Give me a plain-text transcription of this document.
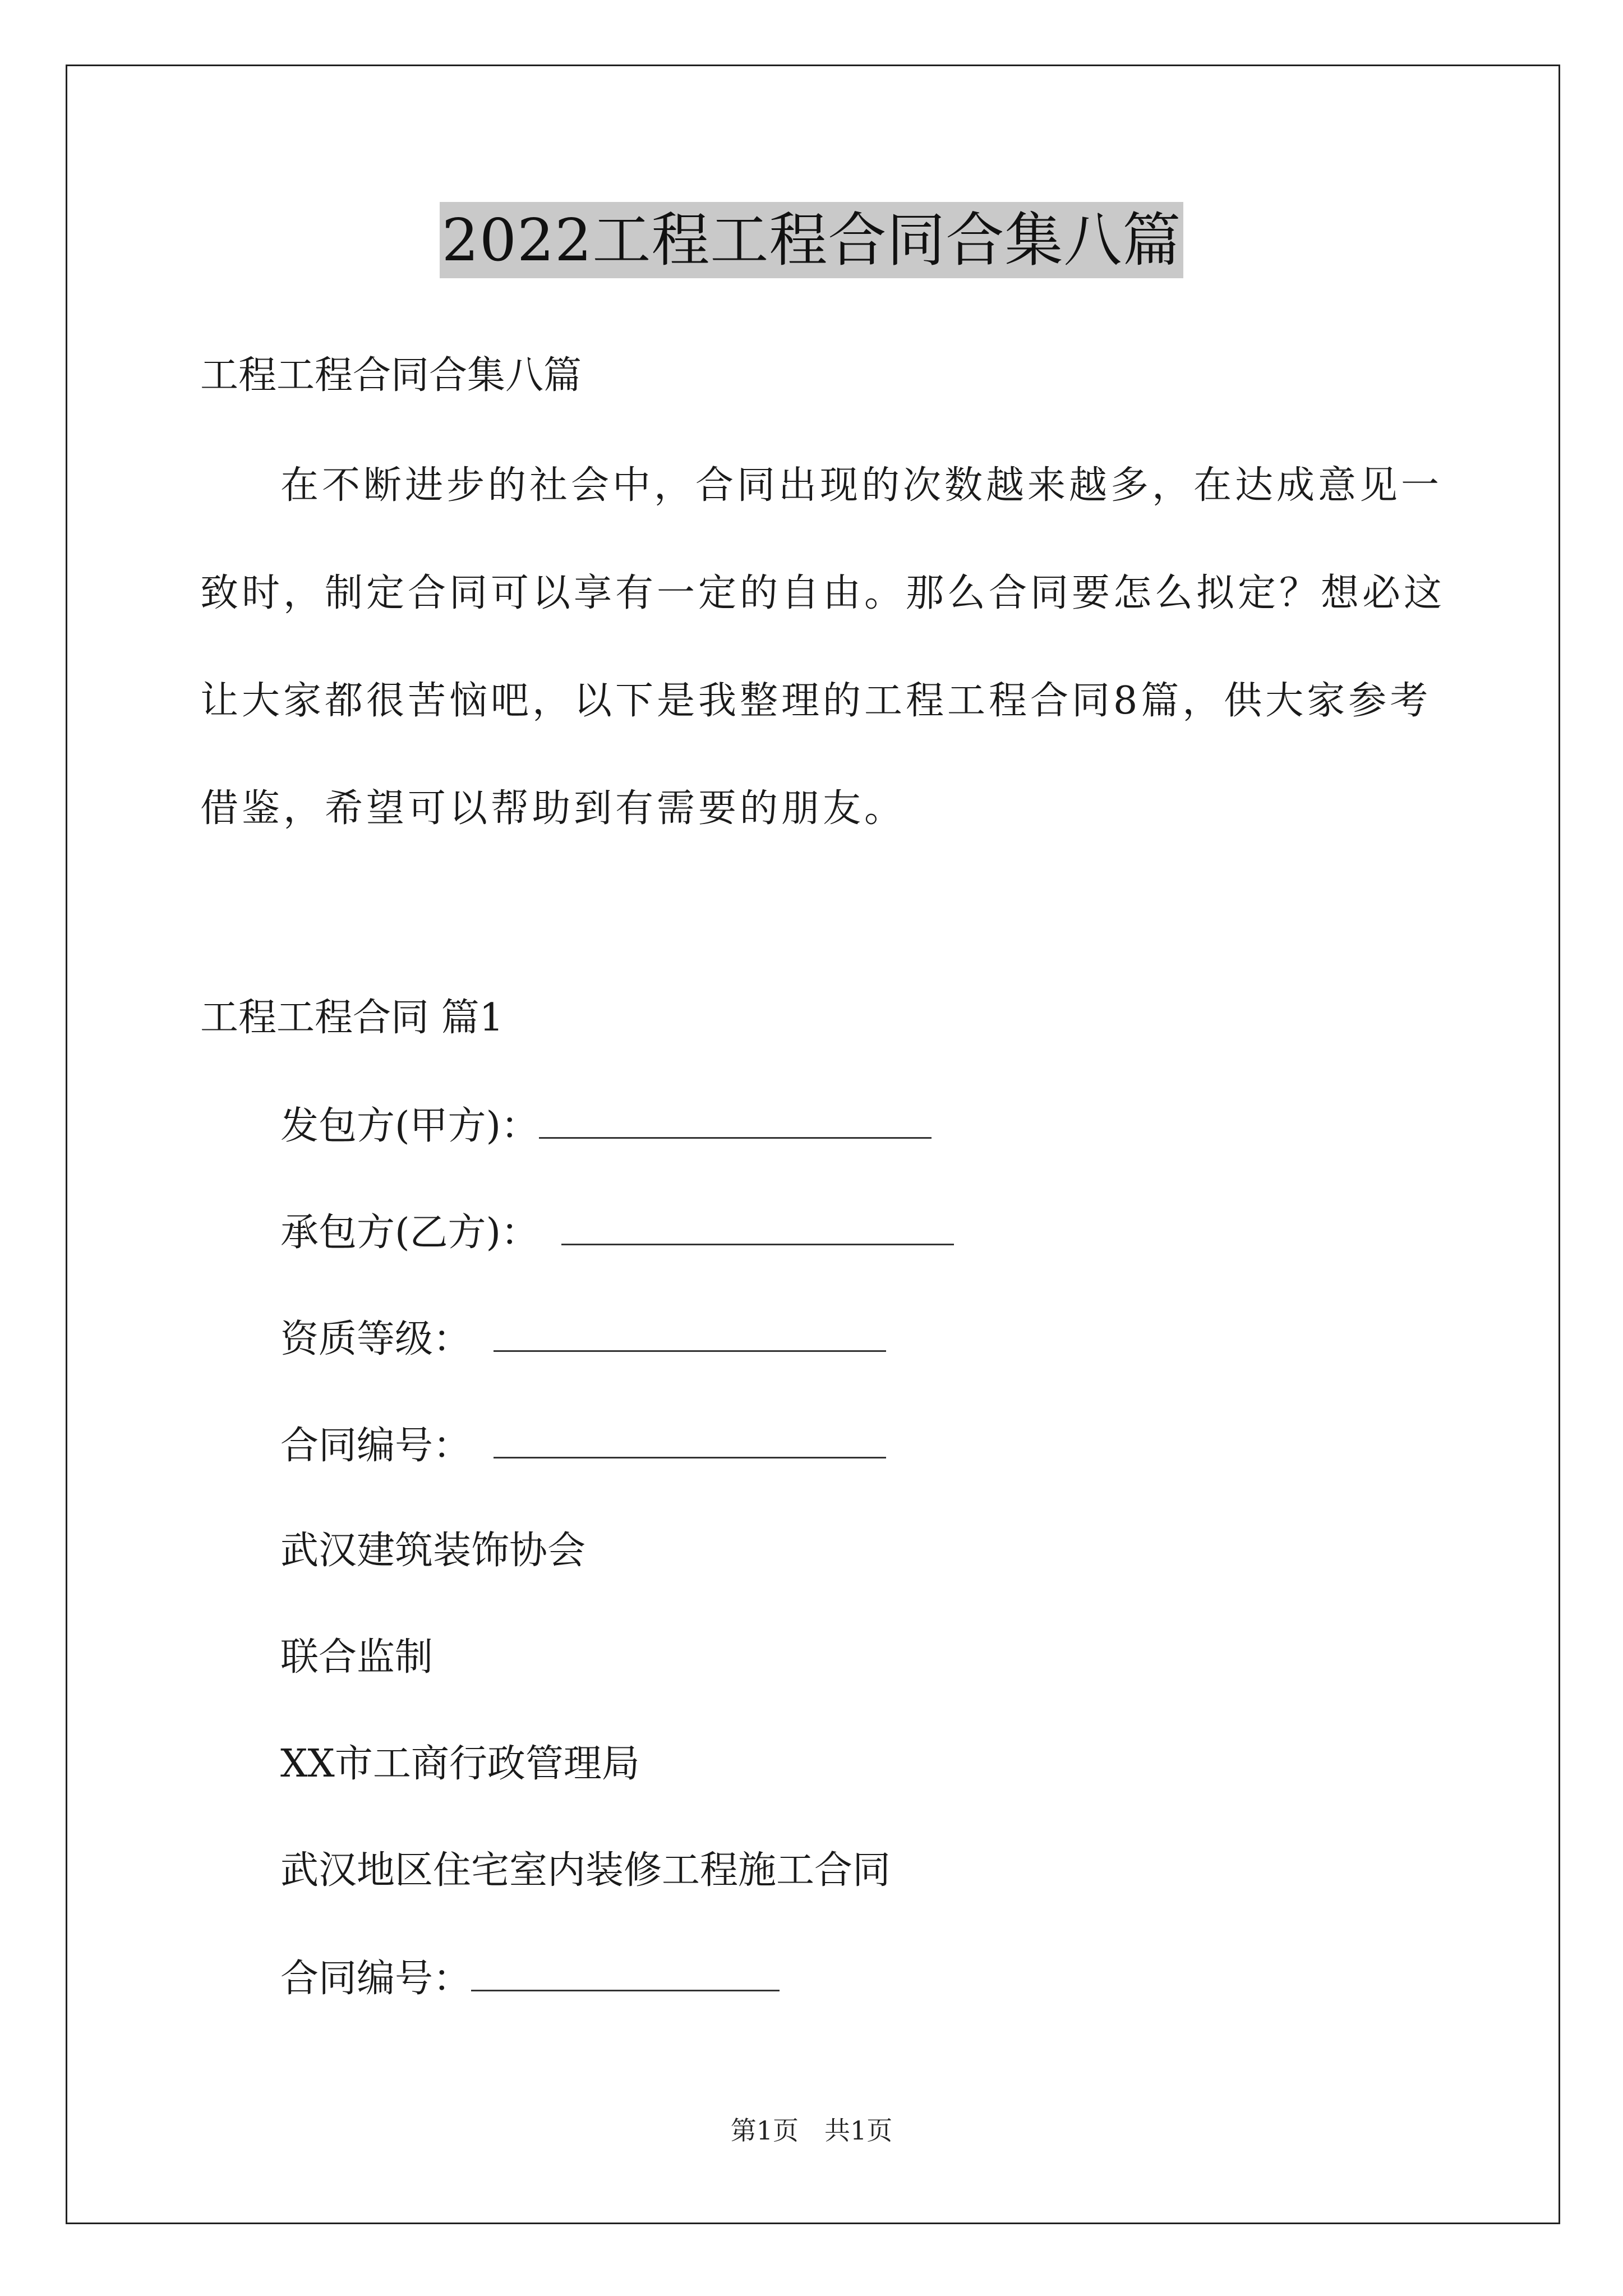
2022工程工程合同合集八篇
工程工程合同合集八篇
在不断进步的社会中，合同出现的次数越来越多，在达成意见一
致时，制定合同可以享有一定的自由。那么合同要怎么拟定？想必这
让大家都很苦恼吧，以下是我整理的工程工程合同8篇，供大家参考
借鉴，希望可以帮助到有需要的朋友。
工程工程合同 篇1
发包方(甲方)：
承包方(乙方)：
资质等级：
合同编号：
武汉建筑装饰协会
联合监制
XX市工商行政管理局
武汉地区住宅室内装修工程施工合同
合同编号：
第1页 共1页
